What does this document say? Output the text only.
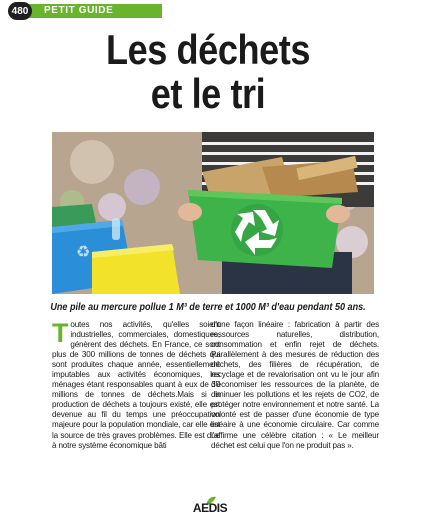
480	PETIT GUIDE
Les déchets
et le tri
♻
© Adobe Stock
Une pile au mercure pollue 1 M³ de terre et 1000 M³ d'eau pendant 50 ans.
Toutes nos activités, qu'elles soient industrielles, commerciales, domestiques, génèrent des déchets. En France, ce sont plus de 300 millions de tonnes de déchets qui sont produites chaque année, essentiellement imputables aux activités économiques, les ménages étant responsables quant à eux de 30 millions de tonnes de déchets.Mais si la production de déchets a toujours existé, elle est devenue au fil du temps une préoccupation majeure pour la population mondiale, car elle est la source de très graves problèmes. Elle est due à notre système économique bâti
d'une façon linéaire : fabrication à partir des ressources naturelles, distribution, consommation et enfin rejet de déchets. Parallèlement à des mesures de réduction des déchets, des filières de récupération, de recyclage et de revalorisation ont vu le jour afin d'économiser les ressources de la planète, de diminuer les pollutions et les rejets de CO2, de protéger notre environnement et notre santé. La volonté est de passer d'une économie de type linéaire à une économie circulaire. Car comme l'affirme une célèbre citation : « Le meilleur déchet est celui que l'on ne produit pas ».
AEDIS
